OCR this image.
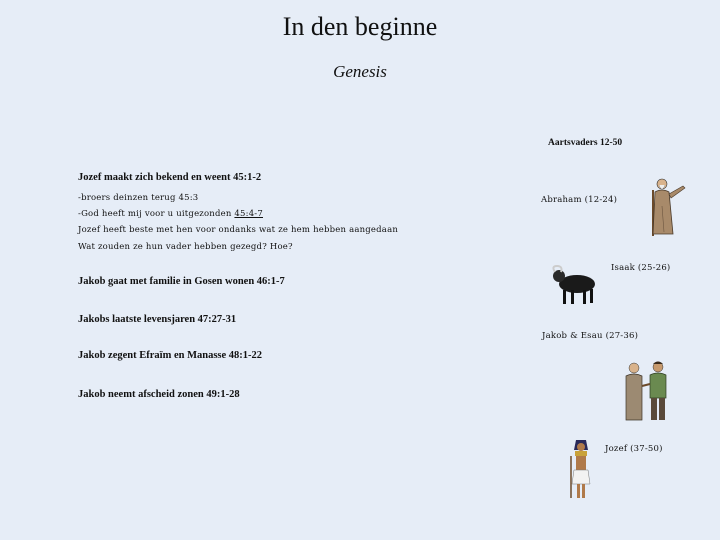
In den beginne
Genesis
Aartsvaders 12-50
Jozef maakt zich bekend en weent 45:1-2
-broers deinzen terug 45:3
-God heeft mij voor u uitgezonden 45:4-7
Jozef heeft beste met hen voor ondanks wat ze hem hebben aangedaan
Wat zouden ze hun vader hebben gezegd? Hoe?
Jakob gaat met familie in Gosen wonen 46:1-7
Jakobs laatste levensjaren 47:27-31
Jakob zegent Efraïm en Manasse 48:1-22
Jakob neemt afscheid zonen 49:1-28
Abraham (12-24)
Isaak (25-26)
Jakob & Esau (27-36)
Jozef (37-50)
